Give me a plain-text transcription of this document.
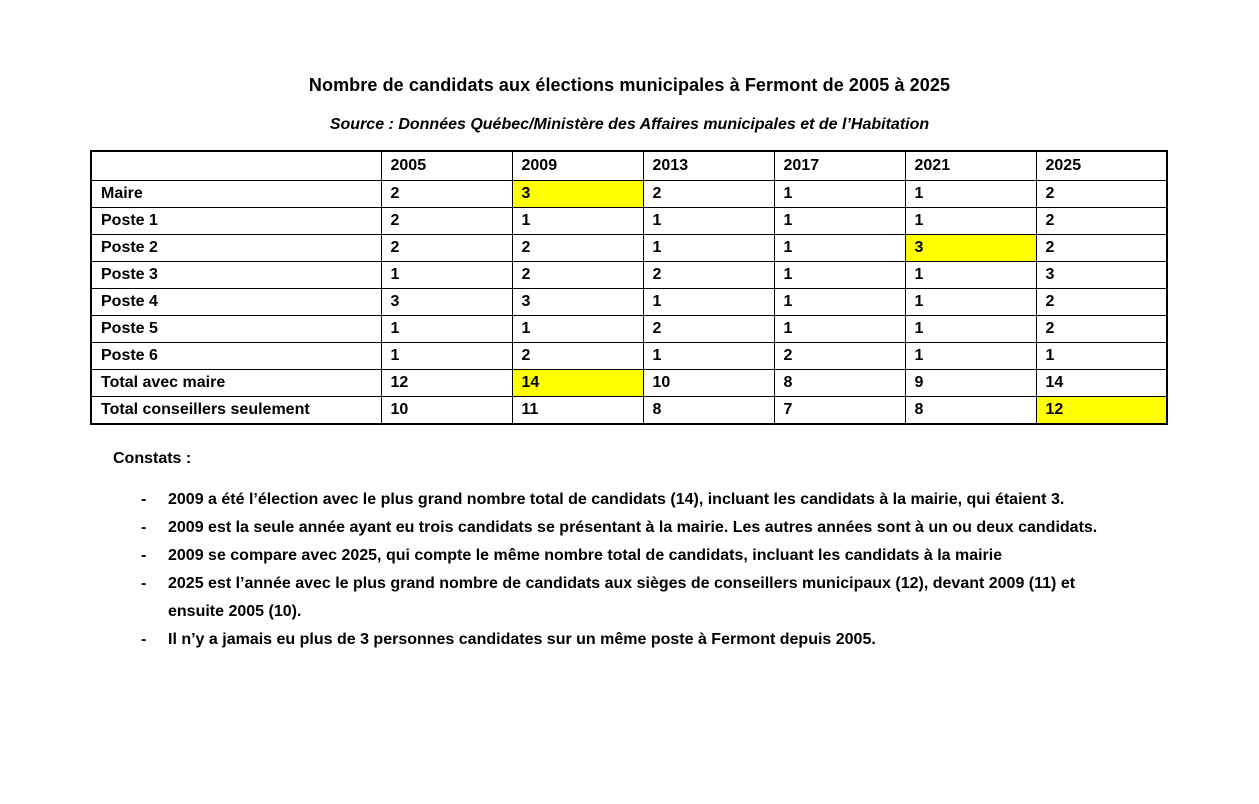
Nombre de candidats aux élections municipales à Fermont de 2005 à 2025
Source : Données Québec/Ministère des Affaires municipales et de l’Habitation
	2005	2009	2013	2017	2021	2025
Maire	2	3	2	1	1	2
Poste 1	2	1	1	1	1	2
Poste 2	2	2	1	1	3	2
Poste 3	1	2	2	1	1	3
Poste 4	3	3	1	1	1	2
Poste 5	1	1	2	1	1	2
Poste 6	1	2	1	2	1	1
Total avec maire	12	14	10	8	9	14
Total conseillers seulement	10	11	8	7	8	12
Constats :
-	2009 a été l’élection avec le plus grand nombre total de candidats (14), incluant les candidats à la mairie, qui étaient 3.
-	2009 est la seule année ayant eu trois candidats se présentant à la mairie. Les autres années sont à un ou deux candidats.
-	2009 se compare avec 2025, qui compte le même nombre total de candidats, incluant les candidats à la mairie
-	2025 est l’année avec le plus grand nombre de candidats aux sièges de conseillers municipaux (12), devant 2009 (11) et ensuite 2005 (10).
-	Il n’y a jamais eu plus de 3 personnes candidates sur un même poste à Fermont depuis 2005.
